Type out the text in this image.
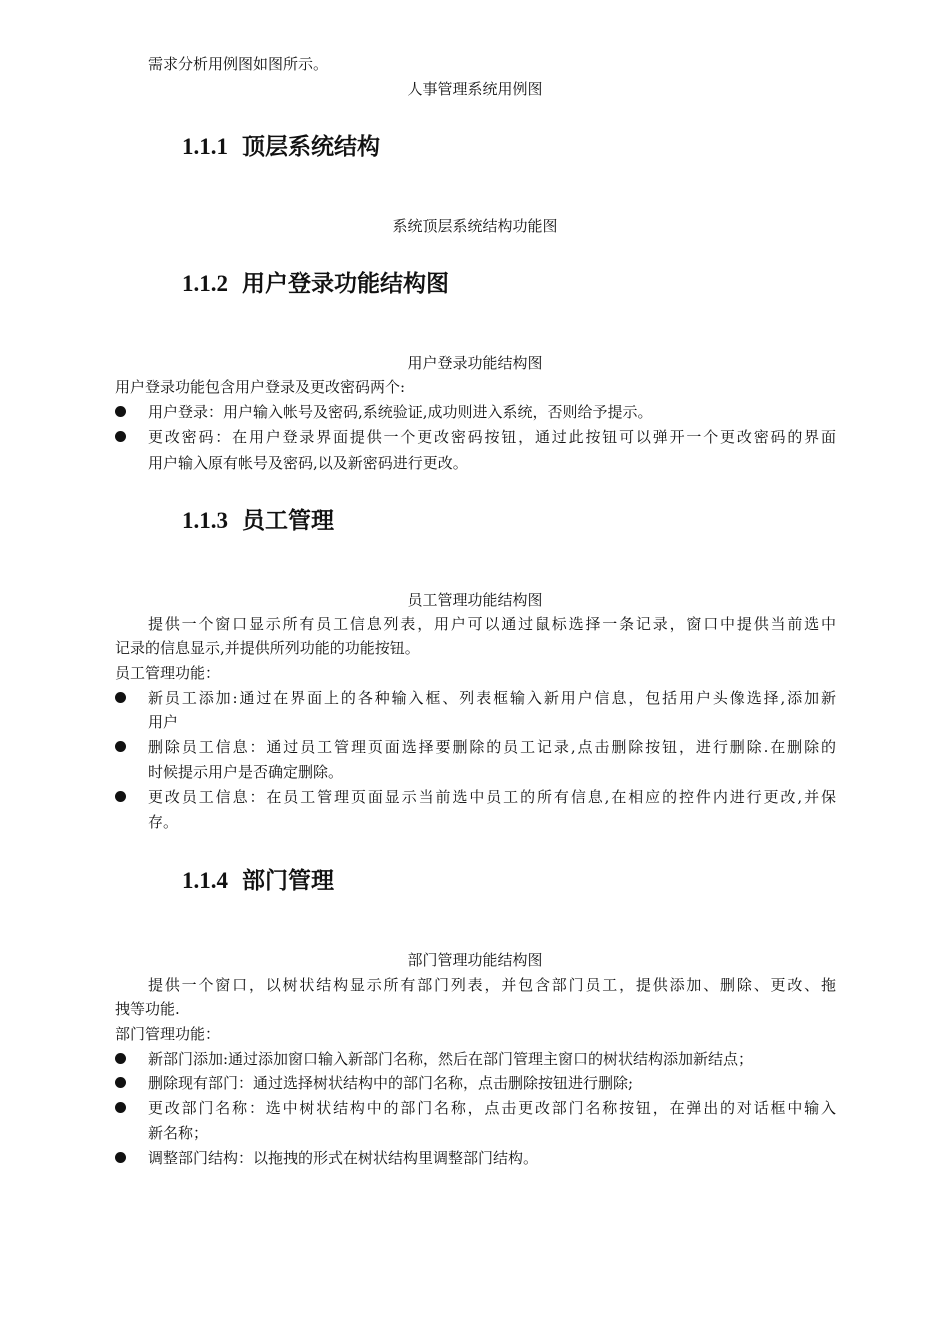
需求分析用例图如图所示。
人事管理系统用例图
1.1.1 顶层系统结构
系统顶层系统结构功能图
1.1.2 用户登录功能结构图
用户登录功能结构图
用户登录功能包含用户登录及更改密码两个:
用户登录：用户输入帐号及密码,系统验证,成功则进入系统，否则给予提示。
更改密码：在用户登录界面提供一个更改密码按钮，通过此按钮可以弹开一个更改密码的界面
用户输入原有帐号及密码,以及新密码进行更改。
1.1.3 员工管理
员工管理功能结构图
提供一个窗口显示所有员工信息列表，用户可以通过鼠标选择一条记录，窗口中提供当前选中
记录的信息显示,并提供所列功能的功能按钮。
员工管理功能：
新员工添加:通过在界面上的各种输入框、列表框输入新用户信息，包括用户头像选择,添加新
用户
删除员工信息：通过员工管理页面选择要删除的员工记录,点击删除按钮，进行删除.在删除的
时候提示用户是否确定删除。
更改员工信息：在员工管理页面显示当前选中员工的所有信息,在相应的控件内进行更改,并保
存。
1.1.4 部门管理
部门管理功能结构图
提供一个窗口，以树状结构显示所有部门列表，并包含部门员工，提供添加、删除、更改、拖
拽等功能.
部门管理功能：
新部门添加:通过添加窗口输入新部门名称，然后在部门管理主窗口的树状结构添加新结点；
删除现有部门：通过选择树状结构中的部门名称，点击删除按钮进行删除;
更改部门名称：选中树状结构中的部门名称，点击更改部门名称按钮，在弹出的对话框中输入
新名称；
调整部门结构：以拖拽的形式在树状结构里调整部门结构。
